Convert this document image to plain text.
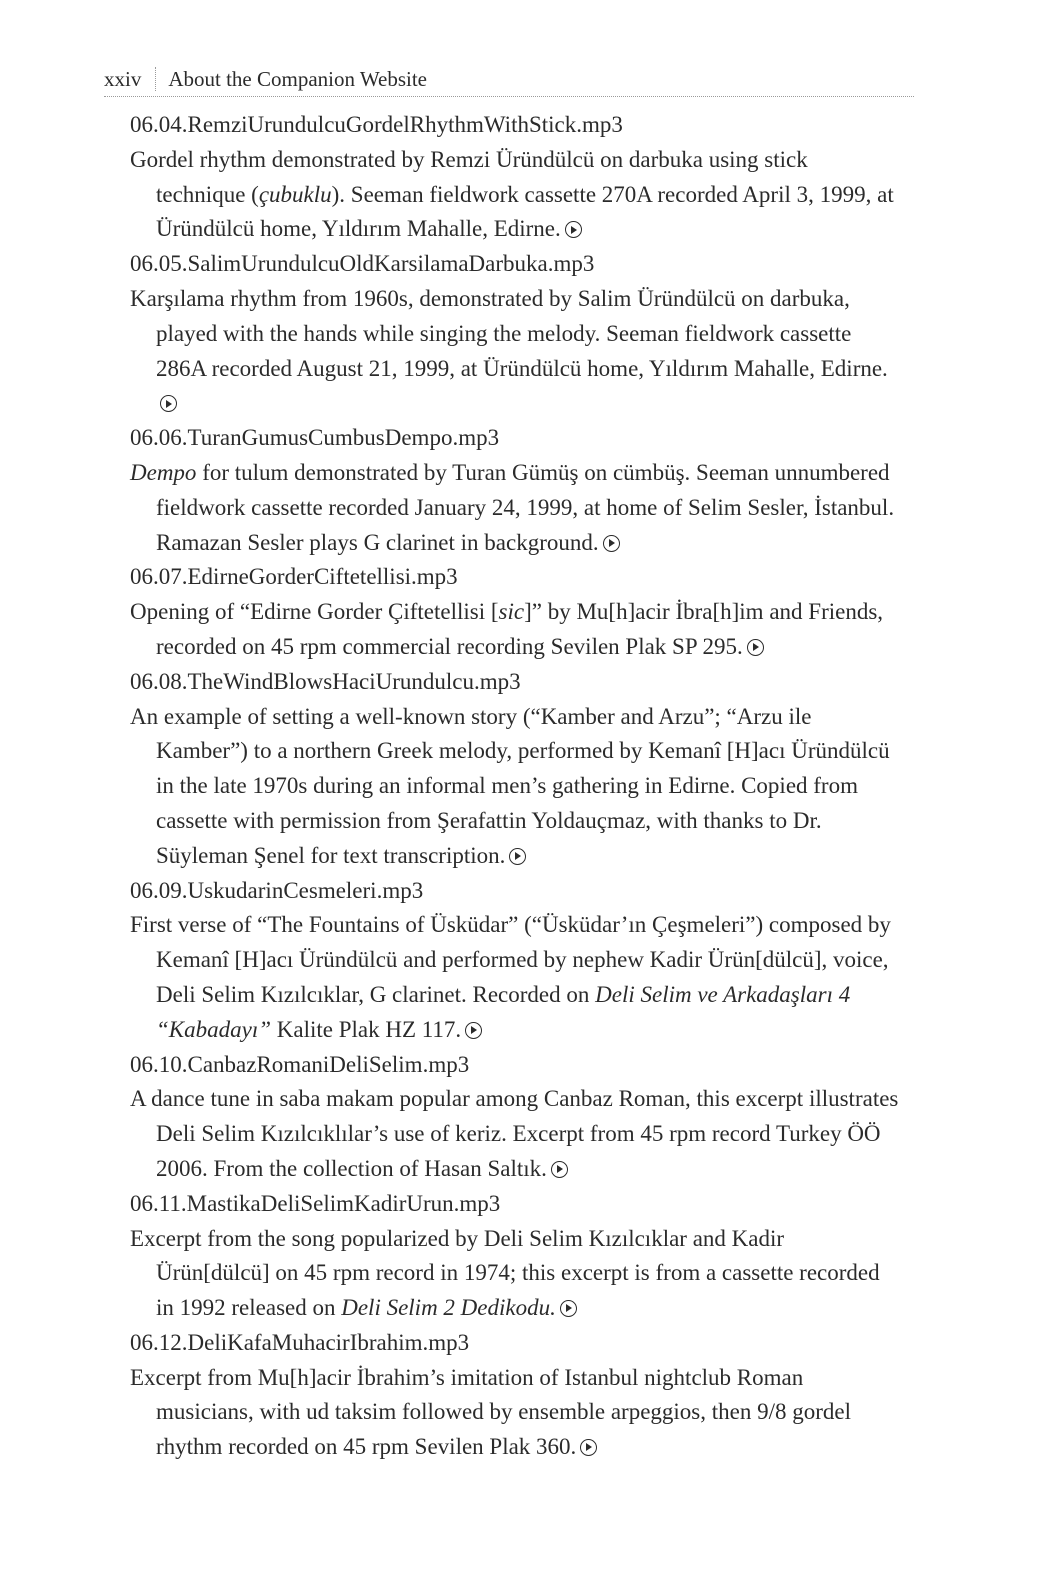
xxiv	About the Companion Website

06.04.RemziUrundulcuGordelRhythmWithStick.mp3

Gordel rhythm demonstrated by Remzi Üründülcü on darbuka using stick technique (çubuklu). Seeman fieldwork cassette 270A recorded April 3, 1999, at Üründülcü home, Yıldırım Mahalle, Edirne.

06.05.SalimUrundulcuOldKarsilamaDarbuka.mp3

Karşılama rhythm from 1960s, demonstrated by Salim Üründülcü on darbuka, played with the hands while singing the melody. Seeman fieldwork cassette 286A recorded August 21, 1999, at Üründülcü home, Yıldırım Mahalle, Edirne.

06.06.TuranGumusCumbusDempo.mp3

Dempo for tulum demonstrated by Turan Gümüş on cümbüş. Seeman unnumbered fieldwork cassette recorded January 24, 1999, at home of Selim Sesler, İstanbul. Ramazan Sesler plays G clarinet in background.

06.07.EdirneGorderCiftetellisi.mp3

Opening of “Edirne Gorder Çiftetellisi [sic]” by Mu[h]acir İbra[h]im and Friends, recorded on 45 rpm commercial recording Sevilen Plak SP 295.

06.08.TheWindBlowsHaciUrundulcu.mp3

An example of setting a well-known story (“Kamber and Arzu”; “Arzu ile Kamber”) to a northern Greek melody, performed by Kemanî [H]acı Üründülcü in the late 1970s during an informal men’s gathering in Edirne. Copied from cassette with permission from Şerafattin Yoldauçmaz, with thanks to Dr. Süyleman Şenel for text transcription.

06.09.UskudarinCesmeleri.mp3

First verse of “The Fountains of Üsküdar” (“Üsküdar’ın Çeşmeleri”) composed by Kemanî [H]acı Üründülcü and performed by nephew Kadir Ürün[dülcü], voice, Deli Selim Kızılcıklar, G clarinet. Recorded on Deli Selim ve Arkadaşları 4 “Kabadayı” Kalite Plak HZ 117.

06.10.CanbazRomaniDeliSelim.mp3

A dance tune in saba makam popular among Canbaz Roman, this excerpt illustrates Deli Selim Kızılcıklılar’s use of keriz. Excerpt from 45 rpm record Turkey ÖÖ 2006. From the collection of Hasan Saltık.

06.11.MastikaDeliSelimKadirUrun.mp3

Excerpt from the song popularized by Deli Selim Kızılcıklar and Kadir Ürün[dülcü] on 45 rpm record in 1974; this excerpt is from a cassette recorded in 1992 released on Deli Selim 2 Dedikodu.

06.12.DeliKafaMuhacirIbrahim.mp3

Excerpt from Mu[h]acir İbrahim’s imitation of Istanbul nightclub Roman musicians, with ud taksim followed by ensemble arpeggios, then 9/8 gordel rhythm recorded on 45 rpm Sevilen Plak 360.
